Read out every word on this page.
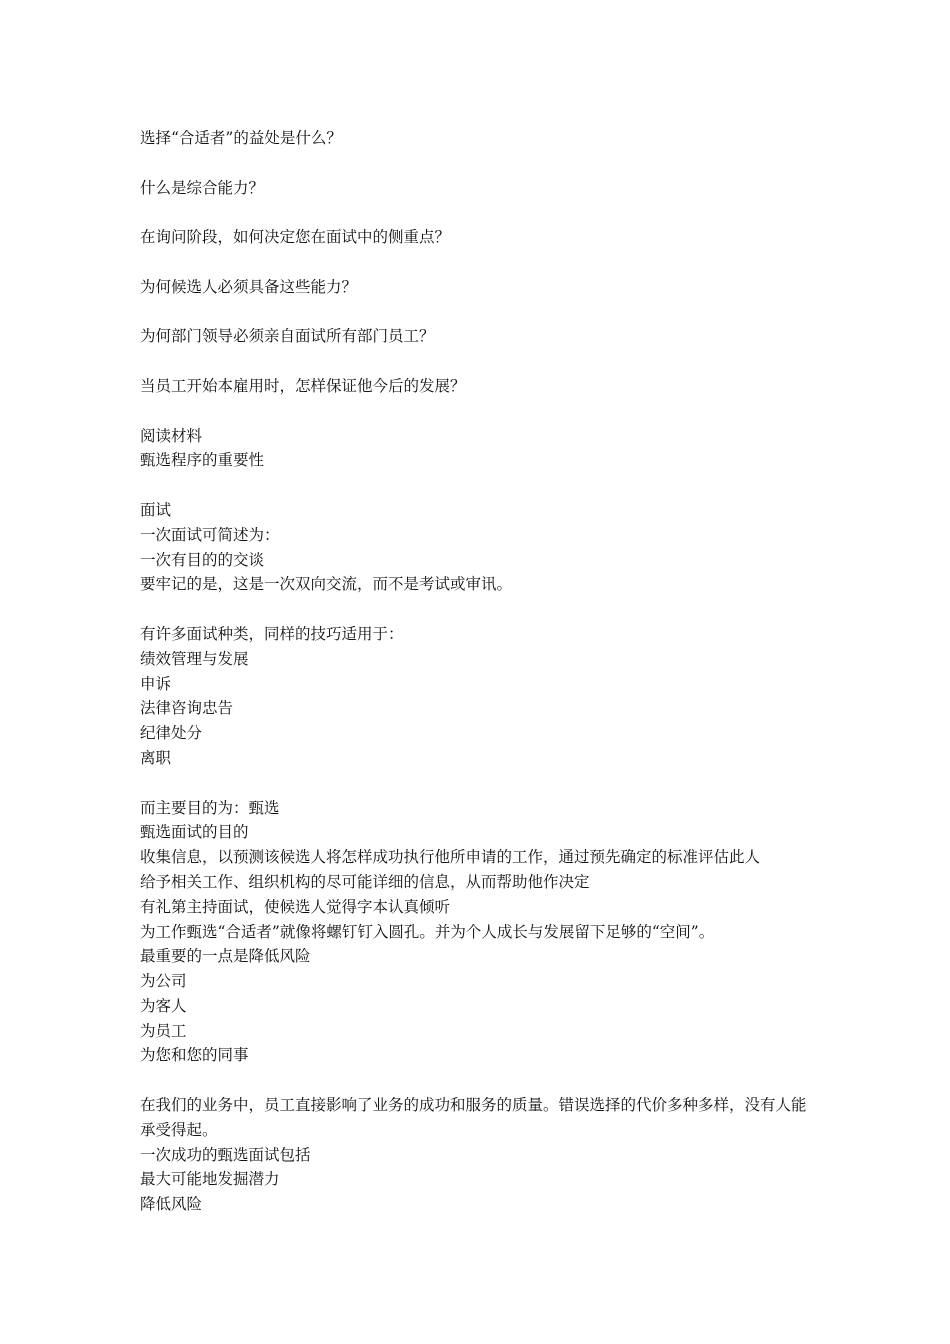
选择“合适者”的益处是什么？
什么是综合能力？
在询问阶段，如何决定您在面试中的侧重点？
为何候选人必须具备这些能力？
为何部门领导必须亲自面试所有部门员工？
当员工开始本雇用时，怎样保证他今后的发展？
阅读材料
甄选程序的重要性
面试
一次面试可简述为：
一次有目的的交谈
要牢记的是，这是一次双向交流，而不是考试或审讯。
有许多面试种类，同样的技巧适用于：
绩效管理与发展
申诉
法律咨询忠告
纪律处分
离职
而主要目的为：甄选
甄选面试的目的
收集信息，以预测该候选人将怎样成功执行他所申请的工作，通过预先确定的标准评估此人
给予相关工作、组织机构的尽可能详细的信息，从而帮助他作决定
有礼第主持面试，使候选人觉得字本认真倾听
为工作甄选“合适者”就像将螺钉钉入圆孔。并为个人成长与发展留下足够的“空间”。
最重要的一点是降低风险
为公司
为客人
为员工
为您和您的同事
在我们的业务中，员工直接影响了业务的成功和服务的质量。错误选择的代价多种多样，没有人能承受得起。
一次成功的甄选面试包括
最大可能地发掘潜力
降低风险
